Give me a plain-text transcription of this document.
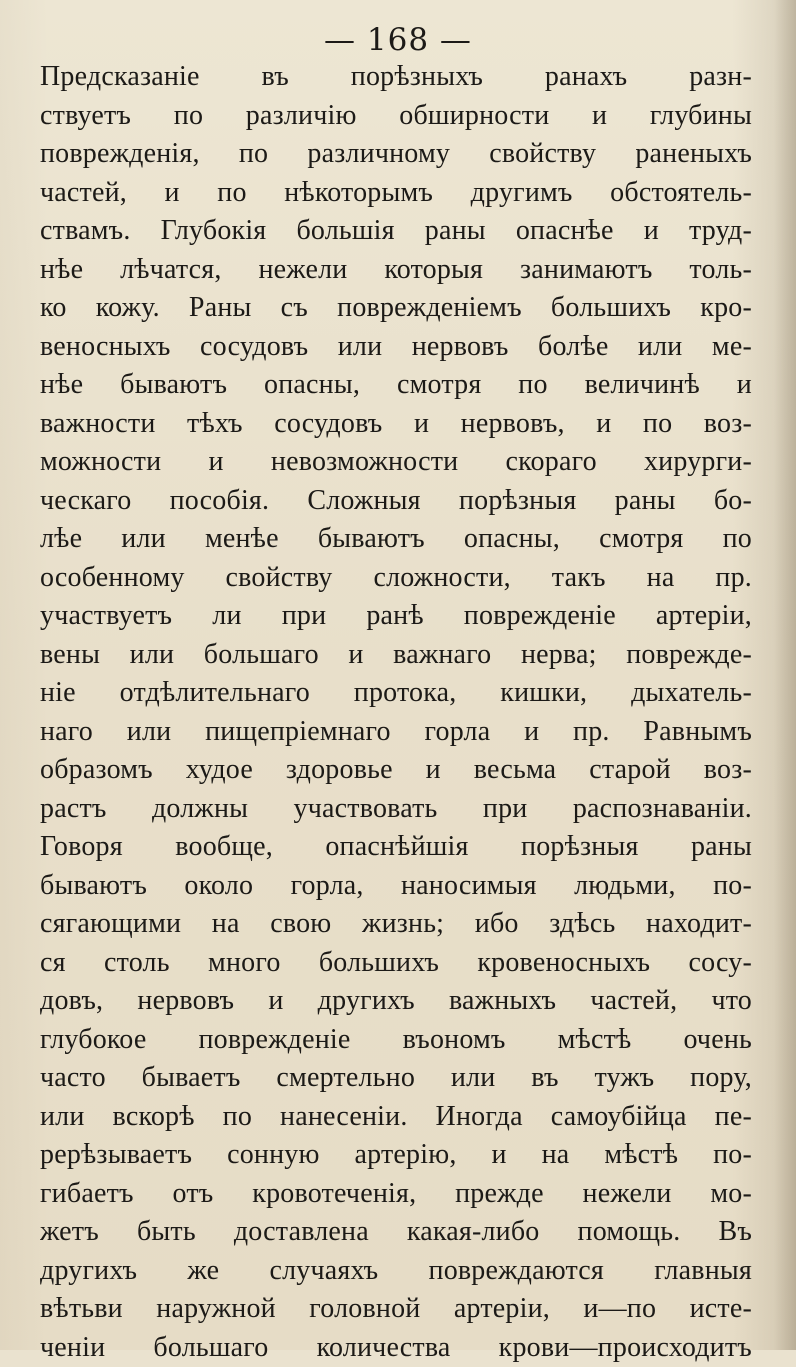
— 168 —
Предсказаніе въ порѣзныхъ ранахъ разн-
ствуетъ по различію обширности и глубины
поврежденія, по различному свойству раненыхъ
частей, и по нѣкоторымъ другимъ обстоятель-
ствамъ. Глубокія большія раны опаснѣе и труд-
нѣе лѣчатся, нежели которыя занимаютъ толь-
ко кожу. Раны съ поврежденіемъ большихъ кро-
веносныхъ сосудовъ или нервовъ болѣе или ме-
нѣе бываютъ опасны, смотря по величинѣ и
важности тѣхъ сосудовъ и нервовъ, и по воз-
можности и невозможности скораго хирурги-
ческаго пособія. Сложныя порѣзныя раны бо-
лѣе или менѣе бываютъ опасны, смотря по
особенному свойству сложности, такъ на пр.
участвуетъ ли при ранѣ поврежденіе артеріи,
вены или большаго и важнаго нерва; поврежде-
ніе отдѣлительнаго протока, кишки, дыхатель-
наго или пищепріемнаго горла и пр. Равнымъ
образомъ худое здоровье и весьма старой воз-
растъ должны участвовать при распознаваніи.
Говоря вообще, опаснѣйшія порѣзныя раны
бываютъ около горла, наносимыя людьми, по-
сягающими на свою жизнь; ибо здѣсь находит-
ся столь много большихъ кровеносныхъ сосу-
довъ, нервовъ и другихъ важныхъ частей, что
глубокое поврежденіе въономъ мѣстѣ очень
часто бываетъ смертельно или въ тужъ пору,
или вскорѣ по нанесеніи. Иногда самоубійца пе-
рерѣзываетъ сонную артерію, и на мѣстѣ по-
гибаетъ отъ кровотеченія, прежде нежели мо-
жетъ быть доставлена какая-либо помощь. Въ
другихъ же случаяхъ повреждаются главныя
вѣтьви наружной головной артеріи, и—по исте-
ченіи большаго количества крови—происходитъ
